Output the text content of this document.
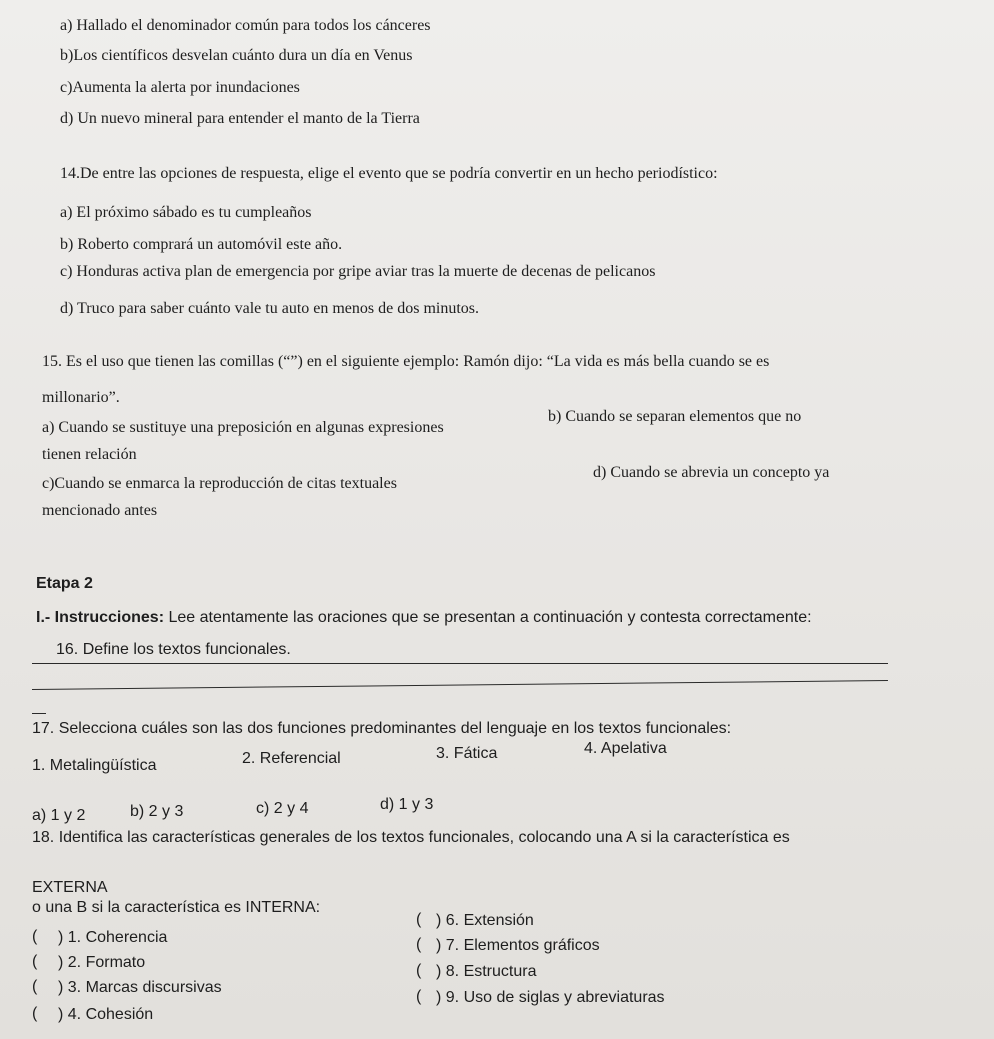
a) Hallado el denominador común para todos los cánceres
b)Los científicos desvelan cuánto dura un día en Venus
c)Aumenta la alerta por inundaciones
d) Un nuevo mineral para entender el manto de la Tierra
14.De entre las opciones de respuesta, elige el evento que se podría convertir en un hecho periodístico:
a) El próximo sábado es tu cumpleaños
b) Roberto comprará un automóvil este año.
c) Honduras activa plan de emergencia por gripe aviar tras la muerte de decenas de pelicanos
d) Truco para saber cuánto vale tu auto en menos de dos minutos.
15. Es el uso que tienen las comillas (“”) en el siguiente ejemplo: Ramón dijo: “La vida es más bella cuando se es
millonario”.
a) Cuando se sustituye una preposición en algunas expresiones
b) Cuando se separan elementos que no
tienen relación
c)Cuando se enmarca la reproducción de citas textuales
d) Cuando se abrevia un concepto ya
mencionado antes
Etapa 2
I.- Instrucciones: Lee atentamente las oraciones que se presentan a continuación y contesta correctamente:
16. Define los textos funcionales.
17. Selecciona cuáles son las dos funciones predominantes del lenguaje en los textos funcionales:
1. Metalingüística	2. Referencial	3. Fática	4. Apelativa
a) 1 y 2	b) 2 y 3	c) 2 y 4	d) 1 y 3
18. Identifica las características generales de los textos funcionales, colocando una A si la característica es
EXTERNA
o una B si la característica es INTERNA:
( ) 1. Coherencia
( ) 2. Formato
( ) 3. Marcas discursivas
( ) 4. Cohesión
( ) 6. Extensión
( ) 7. Elementos gráficos
( ) 8. Estructura
( ) 9. Uso de siglas y abreviaturas
